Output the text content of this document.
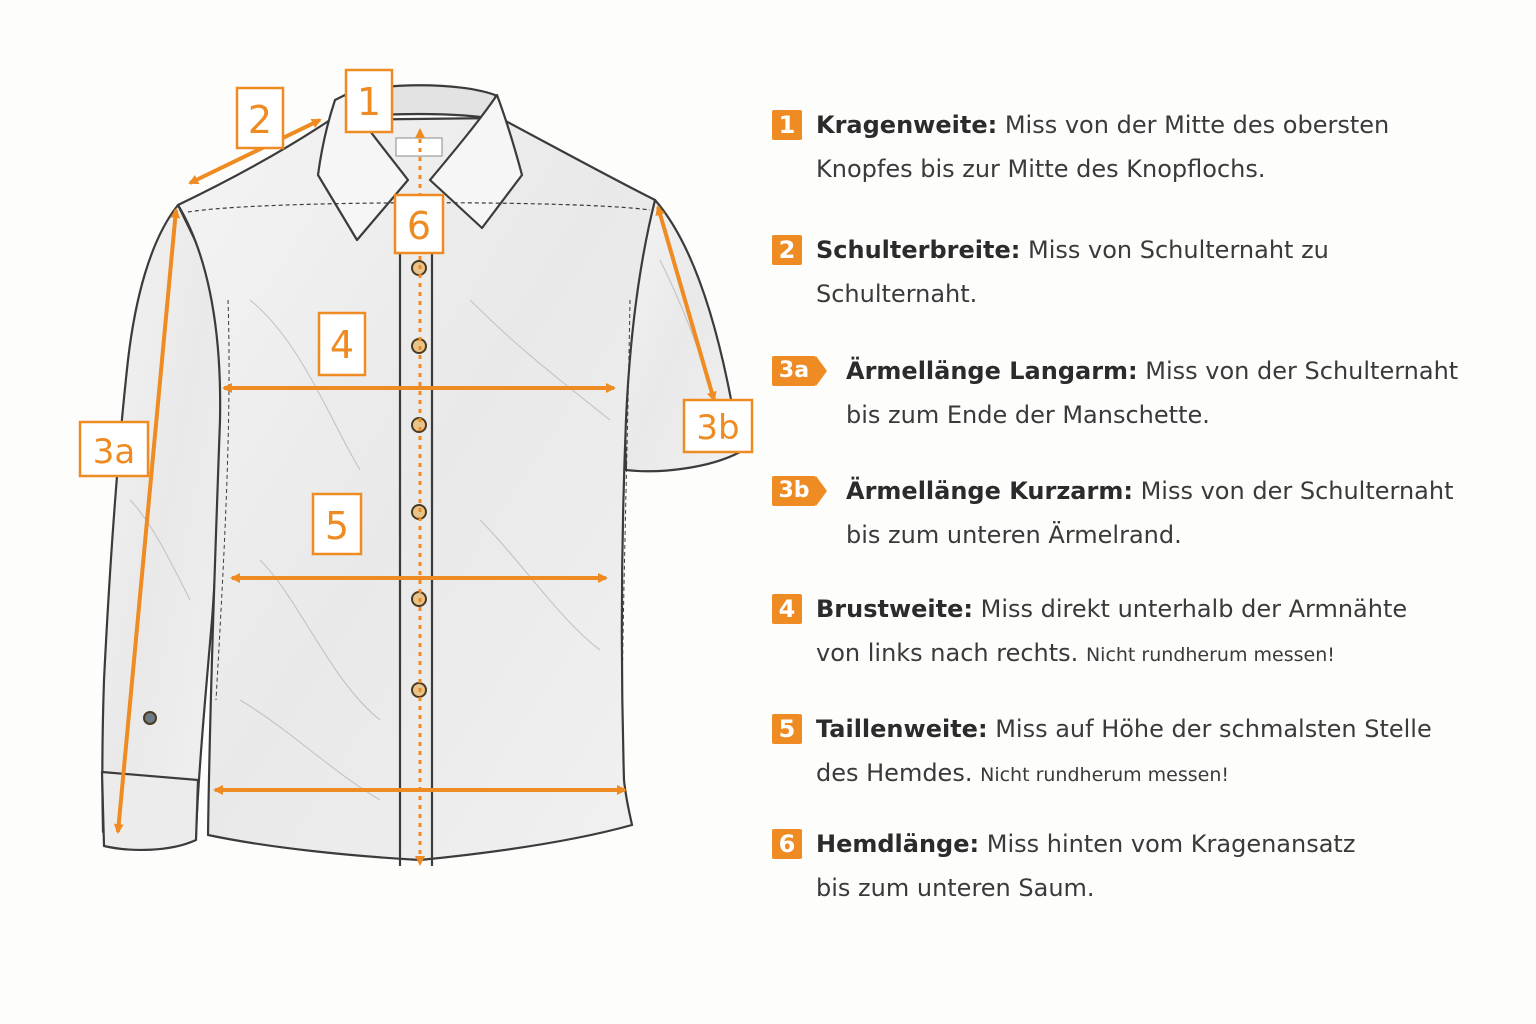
1
2
6
4
5
3a
3b
1 Kragenweite: Miss von der Mitte des obersten
Knopfes bis zur Mitte des Knopflochs.
2 Schulterbreite: Miss von Schulternaht zu
Schulternaht.
3a Ärmellänge Langarm: Miss von der Schulternaht
bis zum Ende der Manschette.
3b Ärmellänge Kurzarm: Miss von der Schulternaht
bis zum unteren Ärmelrand.
4 Brustweite: Miss direkt unterhalb der Armnähte
von links nach rechts. Nicht rundherum messen!
5 Taillenweite: Miss auf Höhe der schmalsten Stelle
des Hemdes. Nicht rundherum messen!
6 Hemdlänge: Miss hinten vom Kragenansatz
bis zum unteren Saum.
